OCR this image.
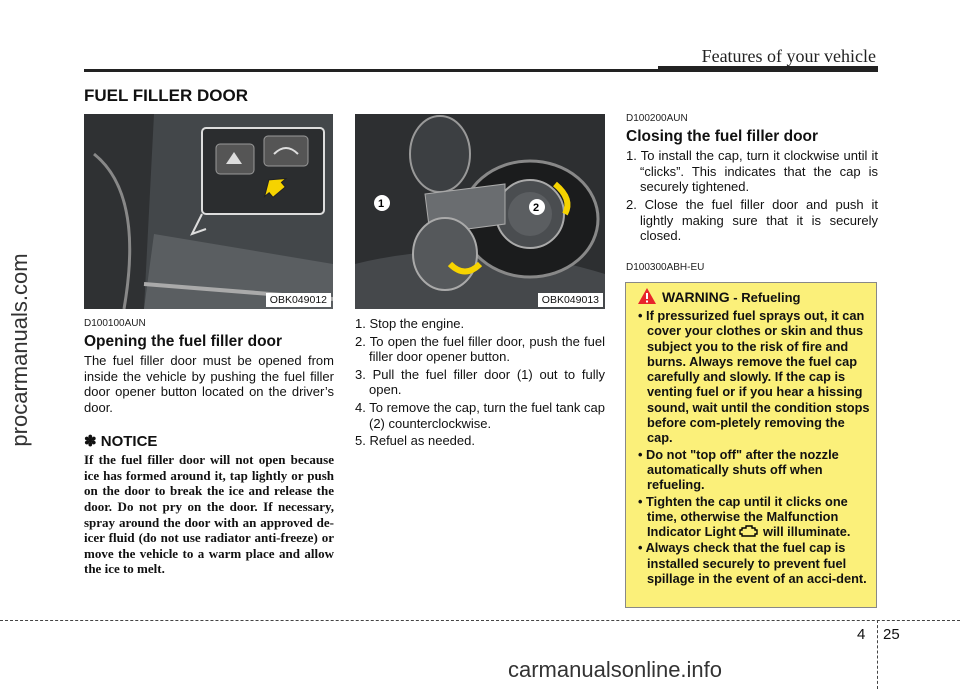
procarmanuals.com
Features of your vehicle
FUEL FILLER DOOR
OBK049012
1	2
OBK049013
D100100AUN
Opening the fuel filler door
The fuel filler door must be opened from inside the vehicle by pushing the fuel filler door opener button located on the driver’s door.
✽ NOTICE
If the fuel filler door will not open because ice has formed around it, tap lightly or push on the door to break the ice and release the door. Do not pry on the door. If necessary, spray around the door with an approved de-icer fluid (do not use radiator anti-freeze) or move the vehicle to a warm place and allow the ice to melt.
1. Stop the engine.
2. To open the fuel filler door, push the fuel filler door opener button.
3. Pull the fuel filler door (1) out to fully open.
4. To remove the cap, turn the fuel tank cap (2) counterclockwise.
5. Refuel as needed.
D100200AUN
Closing the fuel filler door
1. To install the cap, turn it clockwise until it “clicks”. This indicates that the cap is securely tightened.
2. Close the fuel filler door and push it lightly making sure that it is securely closed.
D100300ABH-EU
WARNING - Refueling
• If pressurized fuel sprays out, it can cover your clothes or skin and thus subject you to the risk of fire and burns. Always remove the fuel cap carefully and slowly. If the cap is venting fuel or if you hear a hissing sound, wait until the condition stops before com-pletely removing the cap.
• Do not "top off" after the nozzle automatically shuts off when refueling.
• Tighten the cap until it clicks one time, otherwise the Malfunction Indicator Light will illuminate.
• Always check that the fuel cap is installed securely to prevent fuel spillage in the event of an acci-dent.
4 25
carmanualsonline.info
